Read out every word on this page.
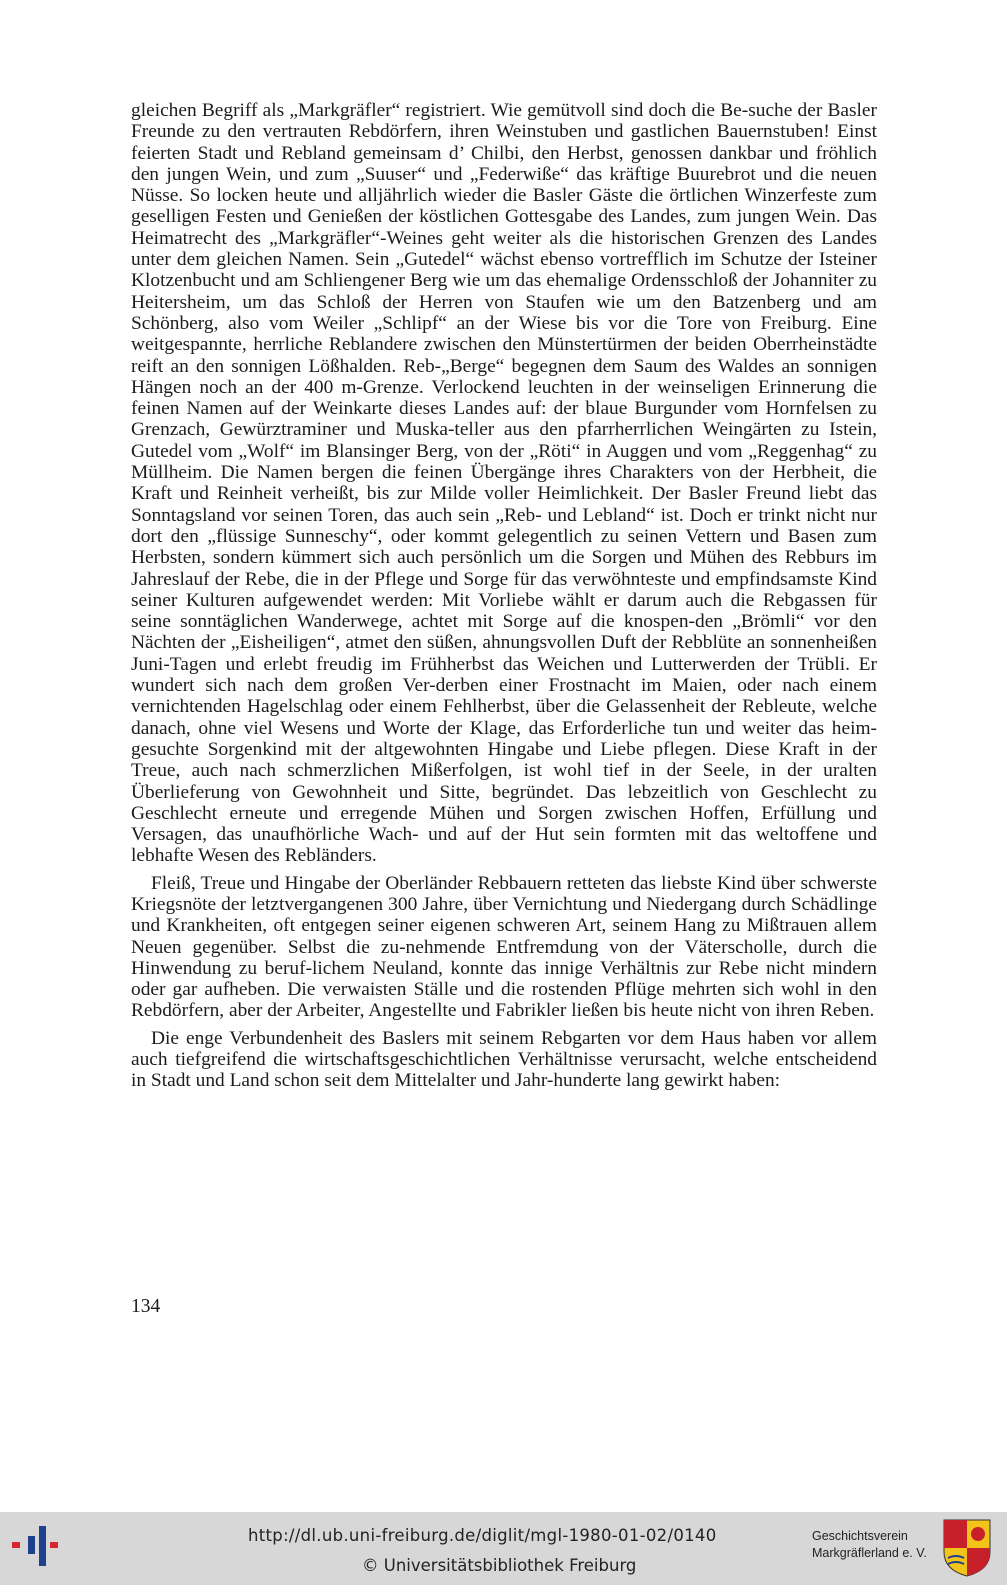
gleichen Begriff als „Markgräfler“ registriert. Wie gemütvoll sind doch die Be-suche der Basler Freunde zu den vertrauten Rebdörfern, ihren Weinstuben und gastlichen Bauernstuben! Einst feierten Stadt und Rebland gemeinsam d’ Chilbi, den Herbst, genossen dankbar und fröhlich den jungen Wein, und zum „Suuser“ und „Federwiße“ das kräftige Buurebrot und die neuen Nüsse. So locken heute und alljährlich wieder die Basler Gäste die örtlichen Winzerfeste zum geselligen Festen und Genießen der köstlichen Gottesgabe des Landes, zum jungen Wein. Das Heimatrecht des „Markgräfler“-Weines geht weiter als die historischen Grenzen des Landes unter dem gleichen Namen. Sein „Gutedel“ wächst ebenso vortrefflich im Schutze der Isteiner Klotzenbucht und am Schliengener Berg wie um das ehemalige Ordensschloß der Johanniter zu Heitersheim, um das Schloß der Herren von Staufen wie um den Batzenberg und am Schönberg, also vom Weiler „Schlipf“ an der Wiese bis vor die Tore von Freiburg. Eine weitgespannte, herrliche Reblandere zwischen den Münstertürmen der beiden Oberrheinstädte reift an den sonnigen Lößhalden. Reb-„Berge“ begegnen dem Saum des Waldes an sonnigen Hängen noch an der 400 m-Grenze. Verlockend leuchten in der weinseligen Erinnerung die feinen Namen auf der Weinkarte dieses Landes auf: der blaue Burgunder vom Hornfelsen zu Grenzach, Gewürztraminer und Muska-teller aus den pfarrherrlichen Weingärten zu Istein, Gutedel vom „Wolf“ im Blansinger Berg, von der „Röti“ in Auggen und vom „Reggenhag“ zu Müllheim. Die Namen bergen die feinen Übergänge ihres Charakters von der Herbheit, die Kraft und Reinheit verheißt, bis zur Milde voller Heimlichkeit. Der Basler Freund liebt das Sonntagsland vor seinen Toren, das auch sein „Reb- und Lebland“ ist. Doch er trinkt nicht nur dort den „flüssige Sunneschy“, oder kommt gelegentlich zu seinen Vettern und Basen zum Herbsten, sondern kümmert sich auch persönlich um die Sorgen und Mühen des Rebburs im Jahreslauf der Rebe, die in der Pflege und Sorge für das verwöhnteste und empfindsamste Kind seiner Kulturen aufgewendet werden: Mit Vorliebe wählt er darum auch die Rebgassen für seine sonntäglichen Wanderwege, achtet mit Sorge auf die knospen-den „Brömli“ vor den Nächten der „Eisheiligen“, atmet den süßen, ahnungsvollen Duft der Rebblüte an sonnenheißen Juni-Tagen und erlebt freudig im Frühherbst das Weichen und Lutterwerden der Trübli. Er wundert sich nach dem großen Ver-derben einer Frostnacht im Maien, oder nach einem vernichtenden Hagelschlag oder einem Fehlherbst, über die Gelassenheit der Rebleute, welche danach, ohne viel Wesens und Worte der Klage, das Erforderliche tun und weiter das heim-gesuchte Sorgenkind mit der altgewohnten Hingabe und Liebe pflegen. Diese Kraft in der Treue, auch nach schmerzlichen Mißerfolgen, ist wohl tief in der Seele, in der uralten Überlieferung von Gewohnheit und Sitte, begründet. Das lebzeitlich von Geschlecht zu Geschlecht erneute und erregende Mühen und Sorgen zwischen Hoffen, Erfüllung und Versagen, das unaufhörliche Wach- und auf der Hut sein formten mit das weltoffene und lebhafte Wesen des Rebländers.

Fleiß, Treue und Hingabe der Oberländer Rebbauern retteten das liebste Kind über schwerste Kriegsnöte der letztvergangenen 300 Jahre, über Vernichtung und Niedergang durch Schädlinge und Krankheiten, oft entgegen seiner eigenen schweren Art, seinem Hang zu Mißtrauen allem Neuen gegenüber. Selbst die zu-nehmende Entfremdung von der Väterscholle, durch die Hinwendung zu beruf-lichem Neuland, konnte das innige Verhältnis zur Rebe nicht mindern oder gar aufheben. Die verwaisten Ställe und die rostenden Pflüge mehrten sich wohl in den Rebdörfern, aber der Arbeiter, Angestellte und Fabrikler ließen bis heute nicht von ihren Reben.

Die enge Verbundenheit des Baslers mit seinem Rebgarten vor dem Haus haben vor allem auch tiefgreifend die wirtschaftsgeschichtlichen Verhältnisse verursacht, welche entscheidend in Stadt und Land schon seit dem Mittelalter und Jahr-hunderte lang gewirkt haben:

134
http://dl.ub.uni-freiburg.de/diglit/mgl-1980-01-02/0140
© Universitätsbibliothek Freiburg
Geschichtsverein
Markgräflerland e. V.
